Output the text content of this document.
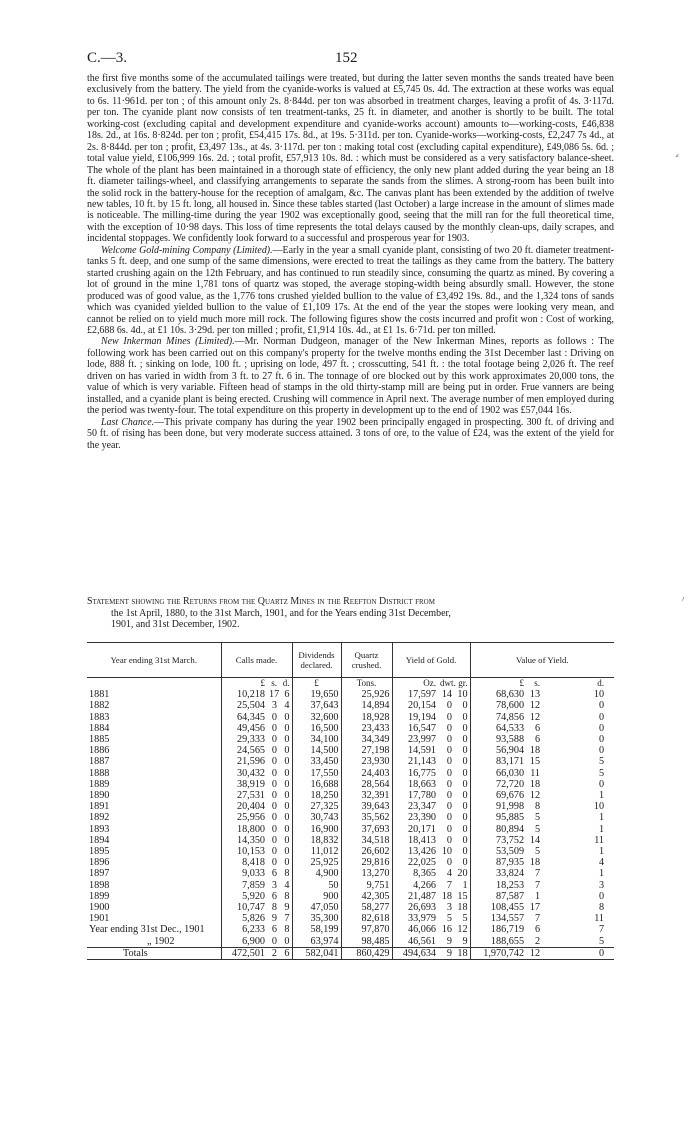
C.—3.	152

the first five months some of the accumulated tailings were treated, but during the latter seven months the sands treated have been exclusively from the battery. The yield from the cyanide-works is valued at £5,745 0s. 4d. The extraction at these works was equal to 6s. 11·961d. per ton ; of this amount only 2s. 8·844d. per ton was absorbed in treatment charges, leaving a profit of 4s. 3·117d. per ton. The cyanide plant now consists of ten treatment-tanks, 25 ft. in diameter, and another is shortly to be built. The total working-cost (excluding capital and development expenditure and cyanide-works account) amounts to—working-costs, £46,838 18s. 2d., at 16s. 8·824d. per ton ; profit, £54,415 17s. 8d., at 19s. 5·311d. per ton. Cyanide-works—working-costs, £2,247 7s 4d., at 2s. 8·844d. per ton ; profit, £3,497 13s., at 4s. 3·117d. per ton : making total cost (excluding capital expenditure), £49,086 5s. 6d. ; total value yield, £106,999 16s. 2d. ; total profit, £57,913 10s. 8d. : which must be considered as a very satisfactory balance-sheet. The whole of the plant has been maintained in a thorough state of efficiency, the only new plant added during the year being an 18 ft. diameter tailings-wheel, and classifying arrangements to separate the sands from the slimes. A strong-room has been built into the solid rock in the battery-house for the reception of amalgam, &c. The canvas plant has been extended by the addition of twelve new tables, 10 ft. by 15 ft. long, all housed in. Since these tables started (last October) a large increase in the amount of slimes made is noticeable. The milling-time during the year 1902 was exceptionally good, seeing that the mill ran for the full theoretical time, with the exception of 10·98 days. This loss of time represents the total delays caused by the monthly clean-ups, daily scrapes, and incidental stoppages. We confidently look forward to a successful and prosperous year for 1903.

Welcome Gold-mining Company (Limited).—Early in the year a small cyanide plant, consisting of two 20 ft. diameter treatment-tanks 5 ft. deep, and one sump of the same dimensions, were erected to treat the tailings as they came from the battery. The battery started crushing again on the 12th February, and has continued to run steadily since, consuming the quartz as mined. By covering a lot of ground in the mine 1,781 tons of quartz was stoped, the average stoping-width being absurdly small. However, the stone produced was of good value, as the 1,776 tons crushed yielded bullion to the value of £3,492 19s. 8d., and the 1,324 tons of sands which was cyanided yielded bullion to the value of £1,109 17s. At the end of the year the stopes were looking very mean, and cannot be relied on to yield much more mill rock. The following figures show the costs incurred and profit won : Cost of working, £2,688 6s. 4d., at £1 10s. 3·29d. per ton milled ; profit, £1,914 10s. 4d., at £1 1s. 6·71d. per ton milled.

New Inkerman Mines (Limited).—Mr. Norman Dudgeon, manager of the New Inkerman Mines, reports as follows : The following work has been carried out on this company's property for the twelve months ending the 31st December last : Driving on lode, 888 ft. ; sinking on lode, 100 ft. ; uprising on lode, 497 ft. ; crosscutting, 541 ft. : the total footage being 2,026 ft. The reef driven on has varied in width from 3 ft. to 27 ft. 6 in. The tonnage of ore blocked out by this work approximates 20,000 tons, the value of which is very variable. Fifteen head of stamps in the old thirty-stamp mill are being put in order. Frue vanners are being installed, and a cyanide plant is being erected. Crushing will commence in April next. The average number of men employed during the period was twenty-four. The total expenditure on this property in development up to the end of 1902 was £57,044 16s.

Last Chance.—This private company has during the year 1902 been principally engaged in prospecting. 300 ft. of driving and 50 ft. of rising has been done, but very moderate success attained. 3 tons of ore, to the value of £24, was the extent of the yield for the year.

Statement showing the Returns from the Quartz Mines in the Reefton District from
the 1st April, 1880, to the 31st March, 1901, and for the Years ending 31st December,
1901, and 31st December, 1902.
Year ending 31st March.	Calls made.			Dividends declared.	Quartz crushed.	Yield of Gold.			Value of Yield.		
	£	s.	d.	£	Tons.	Oz.	dwt.	gr.	£	s.	d.
1881	10,218	17	6	19,650	25,926	17,597	14	10	68,630	13	10
1882	25,504	3	4	37,643	14,894	20,154	0	0	78,600	12	0
1883	64,345	0	0	32,600	18,928	19,194	0	0	74,856	12	0
1884	49,456	0	0	16,500	23,433	16,547	0	0	64,533	6	0
1885	29,333	0	0	34,100	34,349	23,997	0	0	93,588	6	0
1886	24,565	0	0	14,500	27,198	14,591	0	0	56,904	18	0
1887	21,596	0	0	33,450	23,930	21,143	0	0	83,171	15	5
1888	30,432	0	0	17,550	24,403	16,775	0	0	66,030	11	5
1889	38,919	0	0	16,688	28,564	18,663	0	0	72,720	18	0
1890	27,531	0	0	18,250	32,391	17,780	0	0	69,676	12	1
1891	20,404	0	0	27,325	39,643	23,347	0	0	91,998	8	10
1892	25,956	0	0	30,743	35,562	23,390	0	0	95,885	5	1
1893	18,800	0	0	16,900	37,693	20,171	0	0	80,894	5	1
1894	14,350	0	0	18,832	34,518	18,413	0	0	73,752	14	11
1895	10,153	0	0	11,012	26,602	13,426	10	0	53,509	5	1
1896	8,418	0	0	25,925	29,816	22,025	0	0	87,935	18	4
1897	9,033	6	8	4,900	13,270	8,365	4	20	33,824	7	1
1898	7,859	3	4	50	9,751	4,266	7	1	18,253	7	3
1899	5,920	6	8	900	42,305	21,487	18	15	87,587	1	0
1900	10,747	8	9	47,050	58,277	26,693	3	18	108,455	17	8
1901	5,826	9	7	35,300	82,618	33,979	5	5	134,557	7	11
Year ending 31st Dec., 1901	6,233	6	8	58,199	97,870	46,066	16	12	186,719	6	7
„ 1902	6,900	0	0	63,974	98,485	46,561	9	9	188,655	2	5
Totals	472,501	2	6	582,041	860,429	494,634	9	18	1,970,742	12	0
⸗
⸝
